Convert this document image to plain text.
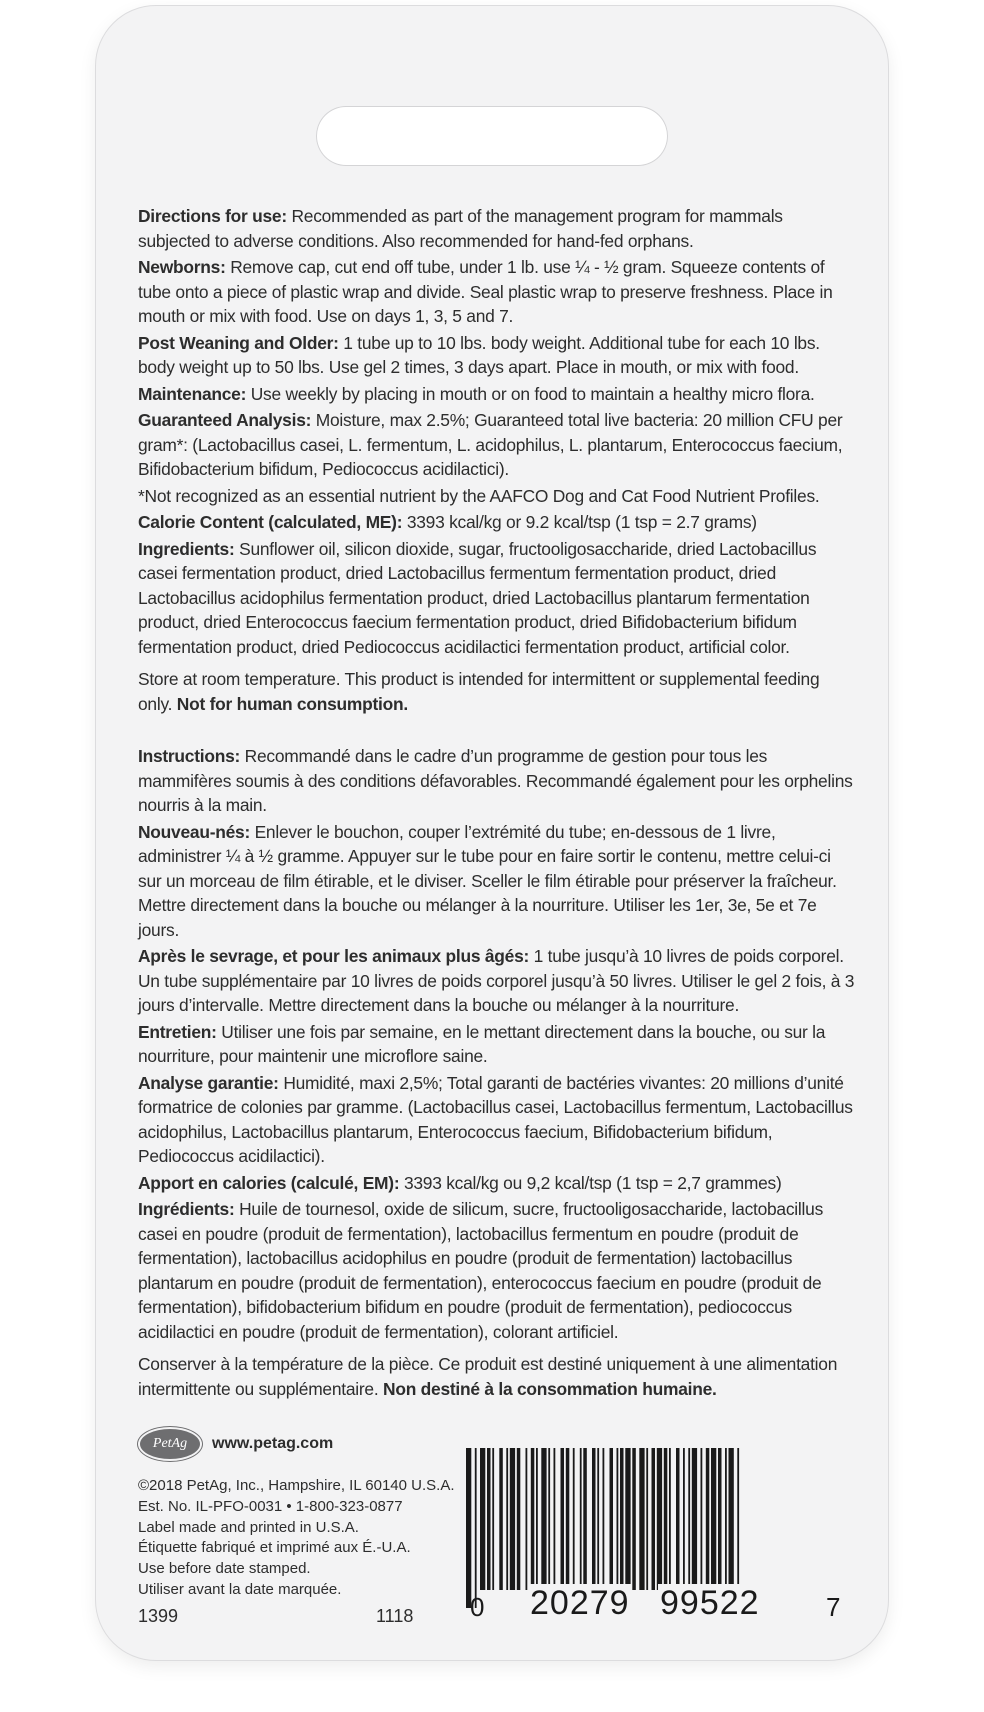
Directions for use: Recommended as part of the management program for mammals subjected to adverse conditions. Also recommended for hand-fed orphans.

Newborns: Remove cap, cut end off tube, under 1 lb. use ¼ - ½ gram. Squeeze contents of tube onto a piece of plastic wrap and divide. Seal plastic wrap to preserve freshness. Place in mouth or mix with food. Use on days 1, 3, 5 and 7.

Post Weaning and Older: 1 tube up to 10 lbs. body weight. Additional tube for each 10 lbs. body weight up to 50 lbs. Use gel 2 times, 3 days apart. Place in mouth, or mix with food.

Maintenance: Use weekly by placing in mouth or on food to maintain a healthy micro flora.

Guaranteed Analysis: Moisture, max 2.5%; Guaranteed total live bacteria: 20 million CFU per gram*: (Lactobacillus casei, L. fermentum, L. acidophilus, L. plantarum, Enterococcus faecium, Bifidobacterium bifidum, Pediococcus acidilactici).

*Not recognized as an essential nutrient by the AAFCO Dog and Cat Food Nutrient Profiles.

Calorie Content (calculated, ME): 3393 kcal/kg or 9.2 kcal/tsp (1 tsp = 2.7 grams)

Ingredients: Sunflower oil, silicon dioxide, sugar, fructooligosaccharide, dried Lactobacillus casei fermentation product, dried Lactobacillus fermentum fermentation product, dried Lactobacillus acidophilus fermentation product, dried Lactobacillus plantarum fermentation product, dried Enterococcus faecium fermentation product, dried Bifidobacterium bifidum fermentation product, dried Pediococcus acidilactici fermentation product, artificial color.

Store at room temperature. This product is intended for intermittent or supplemental feeding only. Not for human consumption.

Instructions: Recommandé dans le cadre d’un programme de gestion pour tous les mammifères soumis à des conditions défavorables. Recommandé également pour les orphelins nourris à la main.

Nouveau-nés: Enlever le bouchon, couper l’extrémité du tube; en-dessous de 1 livre, administrer ¼ à ½ gramme. Appuyer sur le tube pour en faire sortir le contenu, mettre celui-ci sur un morceau de film étirable, et le diviser. Sceller le film étirable pour préserver la fraîcheur. Mettre directement dans la bouche ou mélanger à la nourriture. Utiliser les 1er, 3e, 5e et 7e jours.

Après le sevrage, et pour les animaux plus âgés: 1 tube jusqu’à 10 livres de poids corporel. Un tube supplémentaire par 10 livres de poids corporel jusqu’à 50 livres. Utiliser le gel 2 fois, à 3 jours d’intervalle. Mettre directement dans la bouche ou mélanger à la nourriture.

Entretien: Utiliser une fois par semaine, en le mettant directement dans la bouche, ou sur la nourriture, pour maintenir une microflore saine.

Analyse garantie: Humidité, maxi 2,5%; Total garanti de bactéries vivantes: 20 millions d’unité formatrice de colonies par gramme. (Lactobacillus casei, Lactobacillus fermentum, Lactobacillus acidophilus, Lactobacillus plantarum, Enterococcus faecium, Bifidobacterium bifidum, Pediococcus acidilactici).

Apport en calories (calculé, EM): 3393 kcal/kg ou 9,2 kcal/tsp (1 tsp = 2,7 grammes)

Ingrédients: Huile de tournesol, oxide de silicum, sucre, fructooligosaccharide, lactobacillus casei en poudre (produit de fermentation), lactobacillus fermentum en poudre (produit de fermentation), lactobacillus acidophilus en poudre (produit de fermentation) lactobacillus plantarum en poudre (produit de fermentation), enterococcus faecium en poudre (produit de fermentation), bifidobacterium bifidum en poudre (produit de fermentation), pediococcus acidilactici en poudre (produit de fermentation), colorant artificiel.

Conserver à la température de la pièce. Ce produit est destiné uniquement à une alimentation intermittente ou supplémentaire. Non destiné à la consommation humaine.

PetAg	www.petag.com
©2018 PetAg, Inc., Hampshire, IL 60140 U.S.A.
Est. No. IL-PFO-0031 • 1-800-323-0877
Label made and printed in U.S.A.
Étiquette fabriqué et imprimé aux É.-U.A.
Use before date stamped.
Utiliser avant la date marquée.
1399	1118 0 20279 99522	7
